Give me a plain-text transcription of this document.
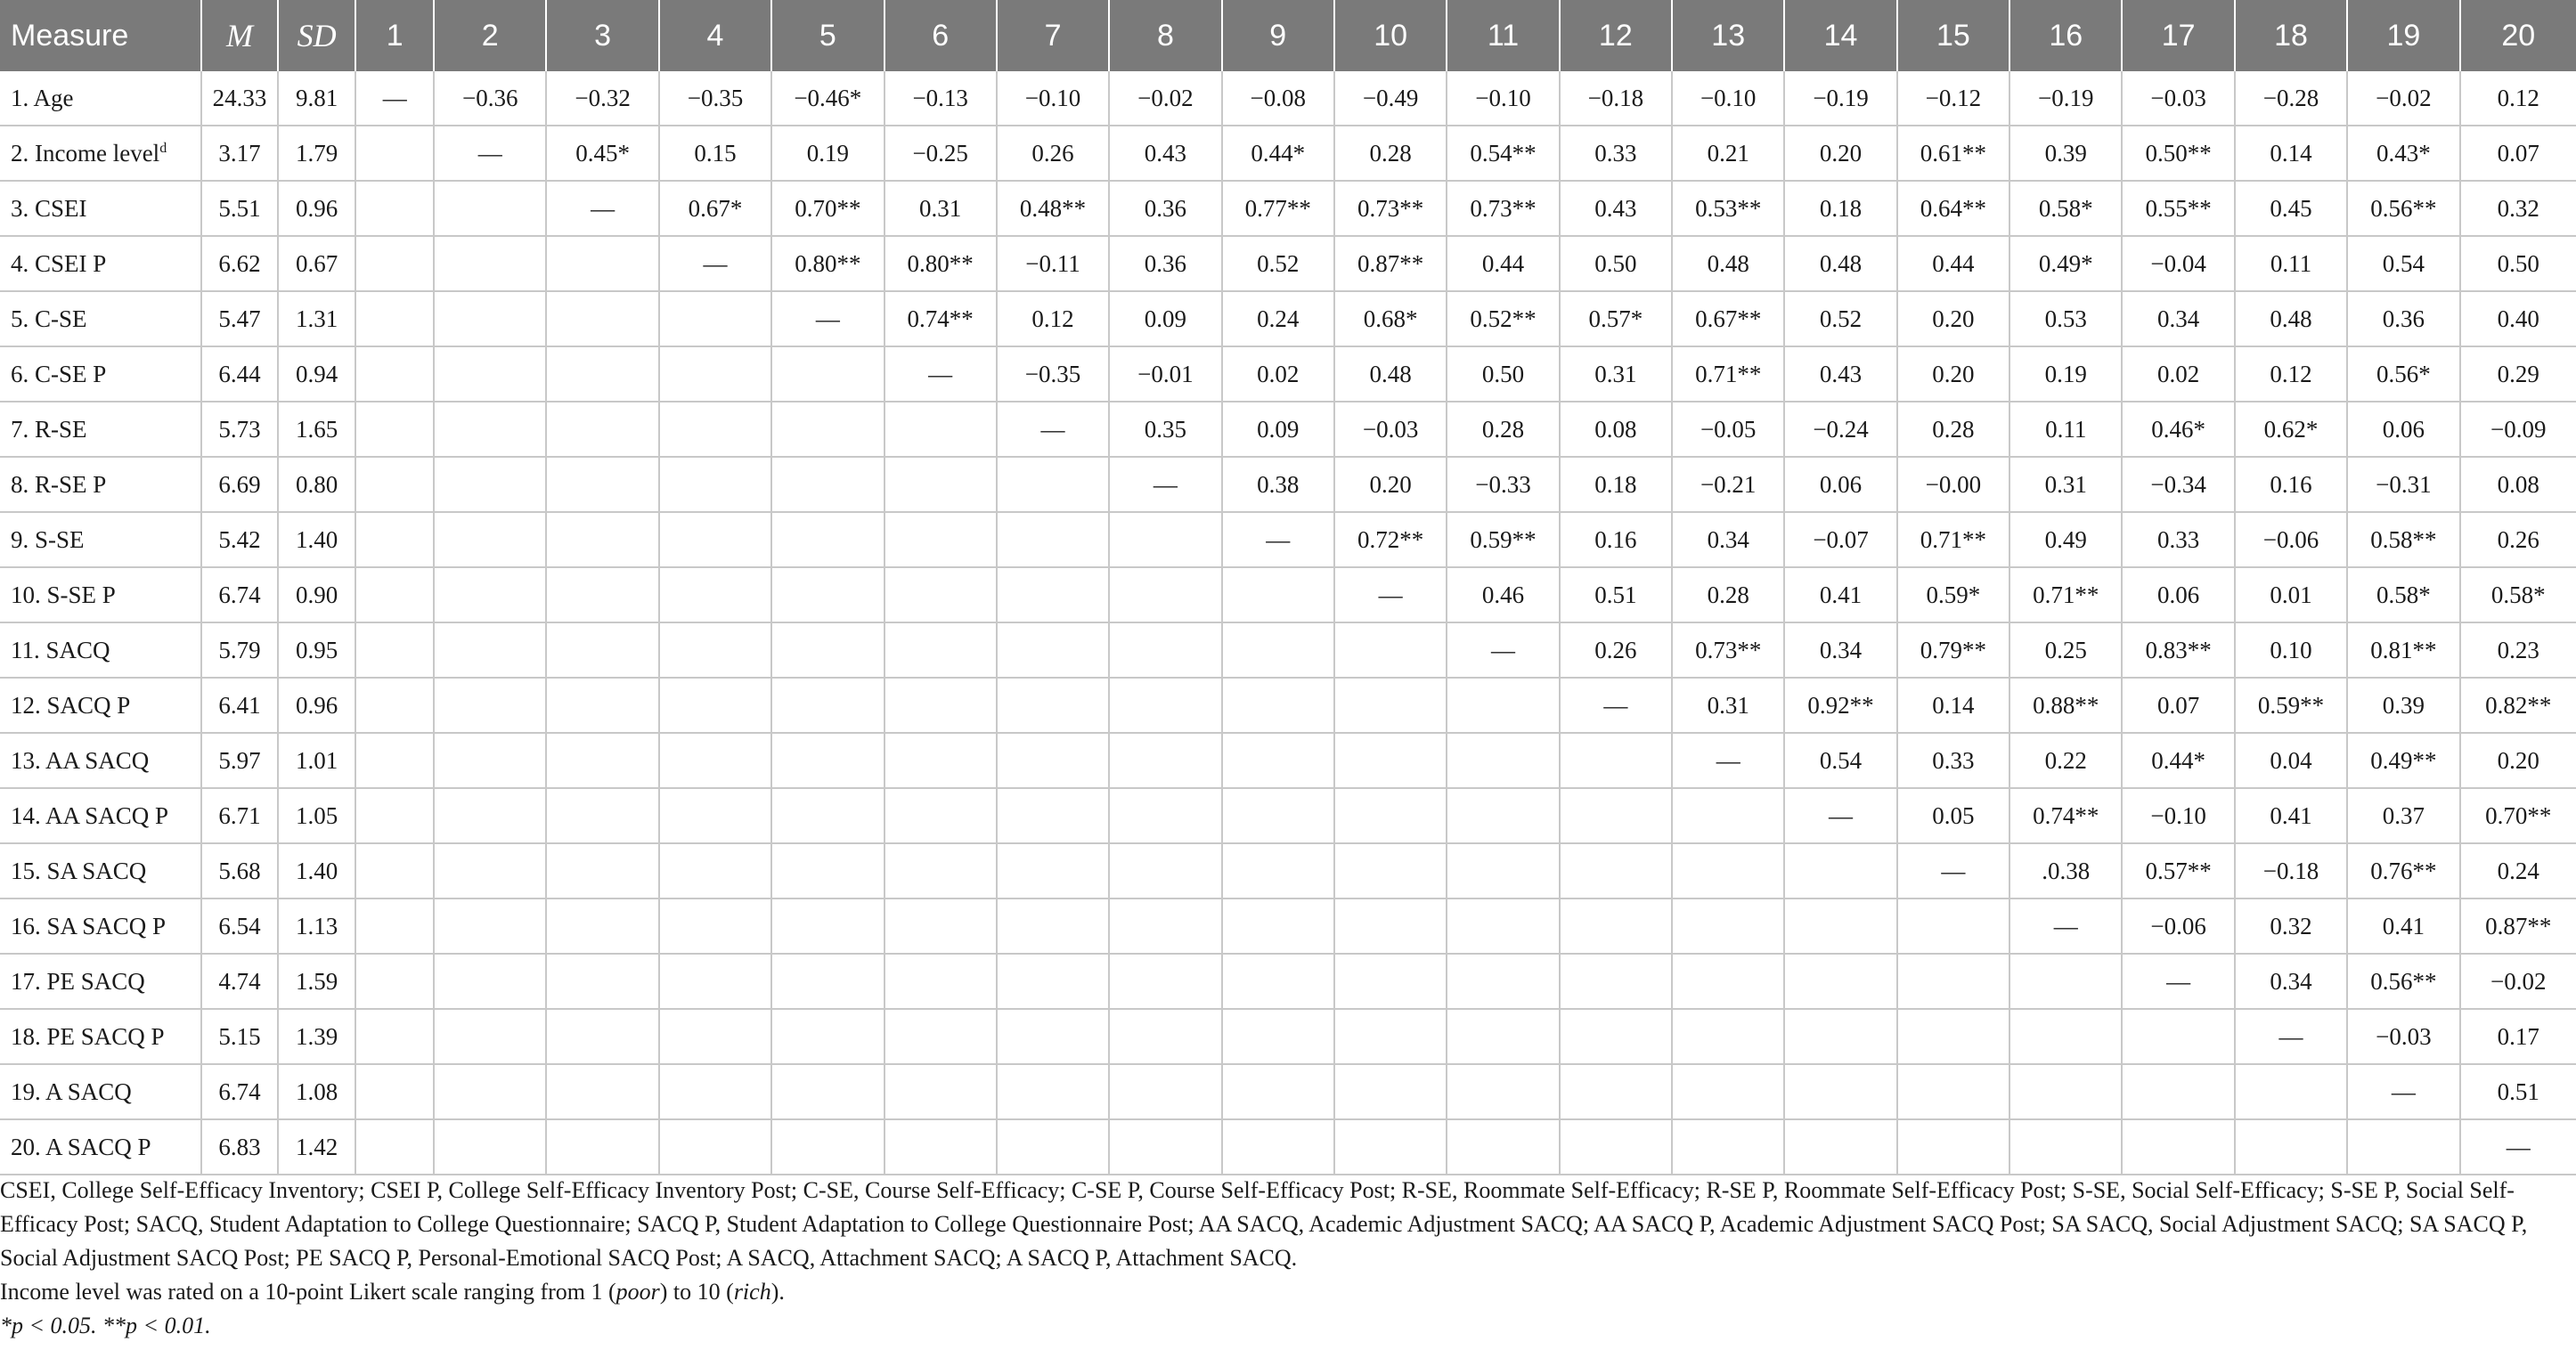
Measure	M	SD	1	2	3	4	5	6	7	8	9	10	11	12	13	14	15	16	17	18	19	20
1. Age	24.33	9.81	—	−0.36	−0.32	−0.35	−0.46*	−0.13	−0.10	−0.02	−0.08	−0.49	−0.10	−0.18	−0.10	−0.19	−0.12	−0.19	−0.03	−0.28	−0.02	0.12
2. Income level$^d$	3.17	1.79		—	0.45*	0.15	0.19	−0.25	0.26	0.43	0.44*	0.28	0.54**	0.33	0.21	0.20	0.61**	0.39	0.50**	0.14	0.43*	0.07
3. CSEI	5.51	0.96			—	0.67*	0.70**	0.31	0.48**	0.36	0.77**	0.73**	0.73**	0.43	0.53**	0.18	0.64**	0.58*	0.55**	0.45	0.56**	0.32
4. CSEI P	6.62	0.67				—	0.80**	0.80**	−0.11	0.36	0.52	0.87**	0.44	0.50	0.48	0.48	0.44	0.49*	−0.04	0.11	0.54	0.50
5. C-SE	5.47	1.31					—	0.74**	0.12	0.09	0.24	0.68*	0.52**	0.57*	0.67**	0.52	0.20	0.53	0.34	0.48	0.36	0.40
6. C-SE P	6.44	0.94						—	−0.35	−0.01	0.02	0.48	0.50	0.31	0.71**	0.43	0.20	0.19	0.02	0.12	0.56*	0.29
7. R-SE	5.73	1.65							—	0.35	0.09	−0.03	0.28	0.08	−0.05	−0.24	0.28	0.11	0.46*	0.62*	0.06	−0.09
8. R-SE P	6.69	0.80								—	0.38	0.20	−0.33	0.18	−0.21	0.06	−0.00	0.31	−0.34	0.16	−0.31	0.08
9. S-SE	5.42	1.40									—	0.72**	0.59**	0.16	0.34	−0.07	0.71**	0.49	0.33	−0.06	0.58**	0.26
10. S-SE P	6.74	0.90										—	0.46	0.51	0.28	0.41	0.59*	0.71**	0.06	0.01	0.58*	0.58*
11. SACQ	5.79	0.95											—	0.26	0.73**	0.34	0.79**	0.25	0.83**	0.10	0.81**	0.23
12. SACQ P	6.41	0.96												—	0.31	0.92**	0.14	0.88**	0.07	0.59**	0.39	0.82**
13. AA SACQ	5.97	1.01													—	0.54	0.33	0.22	0.44*	0.04	0.49**	0.20
14. AA SACQ P	6.71	1.05														—	0.05	0.74**	−0.10	0.41	0.37	0.70**
15. SA SACQ	5.68	1.40															—	.0.38	0.57**	−0.18	0.76**	0.24
16. SA SACQ P	6.54	1.13																—	−0.06	0.32	0.41	0.87**
17. PE SACQ	4.74	1.59																	—	0.34	0.56**	−0.02
18. PE SACQ P	5.15	1.39																		—	−0.03	0.17
19. A SACQ	6.74	1.08																			—	0.51
20. A SACQ P	6.83	1.42																				—

CSEI, College Self-Efficacy Inventory; CSEI P, College Self-Efficacy Inventory Post; C-SE, Course Self-Efficacy; C-SE P, Course Self-Efficacy Post; R-SE, Roommate Self-Efficacy; R-SE P, Roommate Self-Efficacy Post; S-SE, Social Self-Efficacy; S-SE P, Social Self-Efficacy Post; SACQ, Student Adaptation to College Questionnaire; SACQ P, Student Adaptation to College Questionnaire Post; AA SACQ, Academic Adjustment SACQ; AA SACQ P, Academic Adjustment SACQ Post; SA SACQ, Social Adjustment SACQ; SA SACQ P, Social Adjustment SACQ Post; PE SACQ P, Personal-Emotional SACQ Post; A SACQ, Attachment SACQ; A SACQ P, Attachment SACQ.

Income level was rated on a 10-point Likert scale ranging from 1 (poor) to 10 (rich).

*p < 0.05. **p < 0.01.
